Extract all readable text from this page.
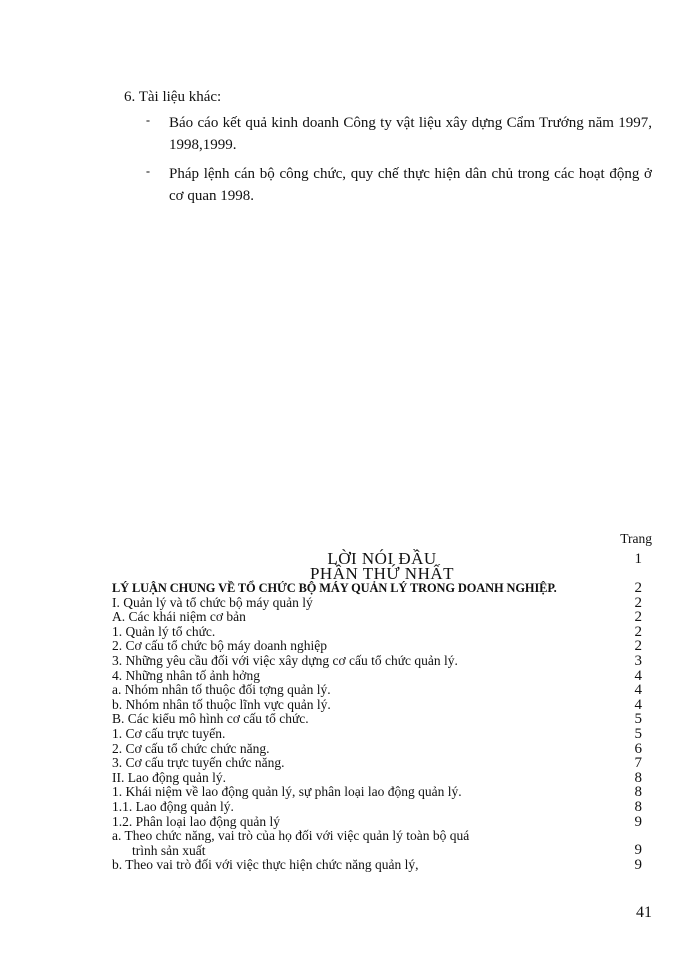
6. Tài liệu khác:

- Báo cáo kết quả kinh doanh Công ty vật liệu xây dựng Cẩm Trướng năm 1997, 1998,1999.
- Pháp lệnh cán bộ công chức, quy chế thực hiện dân chủ trong các hoạt động ở cơ quan 1998.
Trang
LỜI NÓI ĐẦU	1
PHẦN THỨ NHẤT
LÝ LUẬN CHUNG VỀ TỔ CHỨC BỘ MÁY QUẢN LÝ TRONG DOANH NGHIỆP.	2
I. Quản lý và tổ chức bộ máy quản lý	2
A. Các khái niệm cơ bản	2
1. Quản lý tổ chức.	2
2. Cơ cấu tổ chức bộ máy doanh nghiệp	2
3. Những yêu cầu đối với việc xây dựng cơ cấu tổ chức quản lý.	3
4. Những nhân tố ảnh hởng	4
a. Nhóm nhân tố thuộc đối tợng quản lý.	4
b. Nhóm nhân tố thuộc lĩnh vực quản lý.	4
B. Các kiểu mô hình cơ cấu tổ chức.	5
1. Cơ cấu trực tuyến.	5
2. Cơ cấu tổ chức chức năng.	6
3. Cơ cấu trực tuyến chức năng.	7
II. Lao động quản lý.	8
1. Khái niệm về lao động quản lý, sự phân loại lao động quản lý.	8
1.1. Lao động quản lý.	8
1.2. Phân loại lao động quản lý	9
a. Theo chức năng, vai trò của họ đối với việc quản lý toàn bộ quá
trình sản xuất	9
b. Theo vai trò đối với việc thực hiện chức năng quản lý,	9
41
